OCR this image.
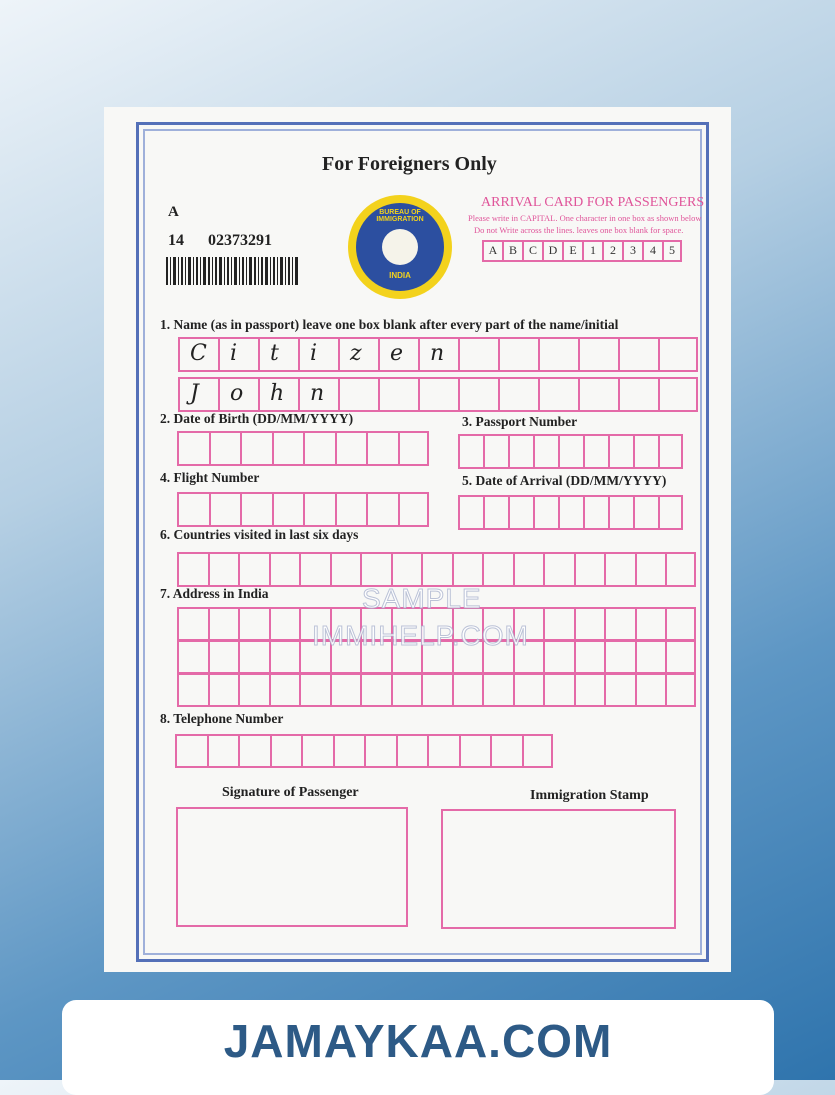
For Foreigners Only
A
14 02373291
BUREAU OF IMMIGRATION
INDIA
ARRIVAL CARD FOR PASSENGERS
Please write in CAPITAL. One character in one box as shown below
Do not Write across the lines. leaves one box blank for space.
A B C D	E	1	2	3	4	5
1. Name (as in passport) leave one box blank after every part of the name/initial
C i t i z e n
J o h n
2. Date of Birth (DD/MM/YYYY)	3. Passport Number
4. Flight Number	5. Date of Arrival (DD/MM/YYYY)
6. Countries visited in last six days
7. Address in India	SAMPLE
IMMIHELP.COM
8. Telephone Number
Signature of Passenger	Immigration Stamp
JAMAYKAA.COM
